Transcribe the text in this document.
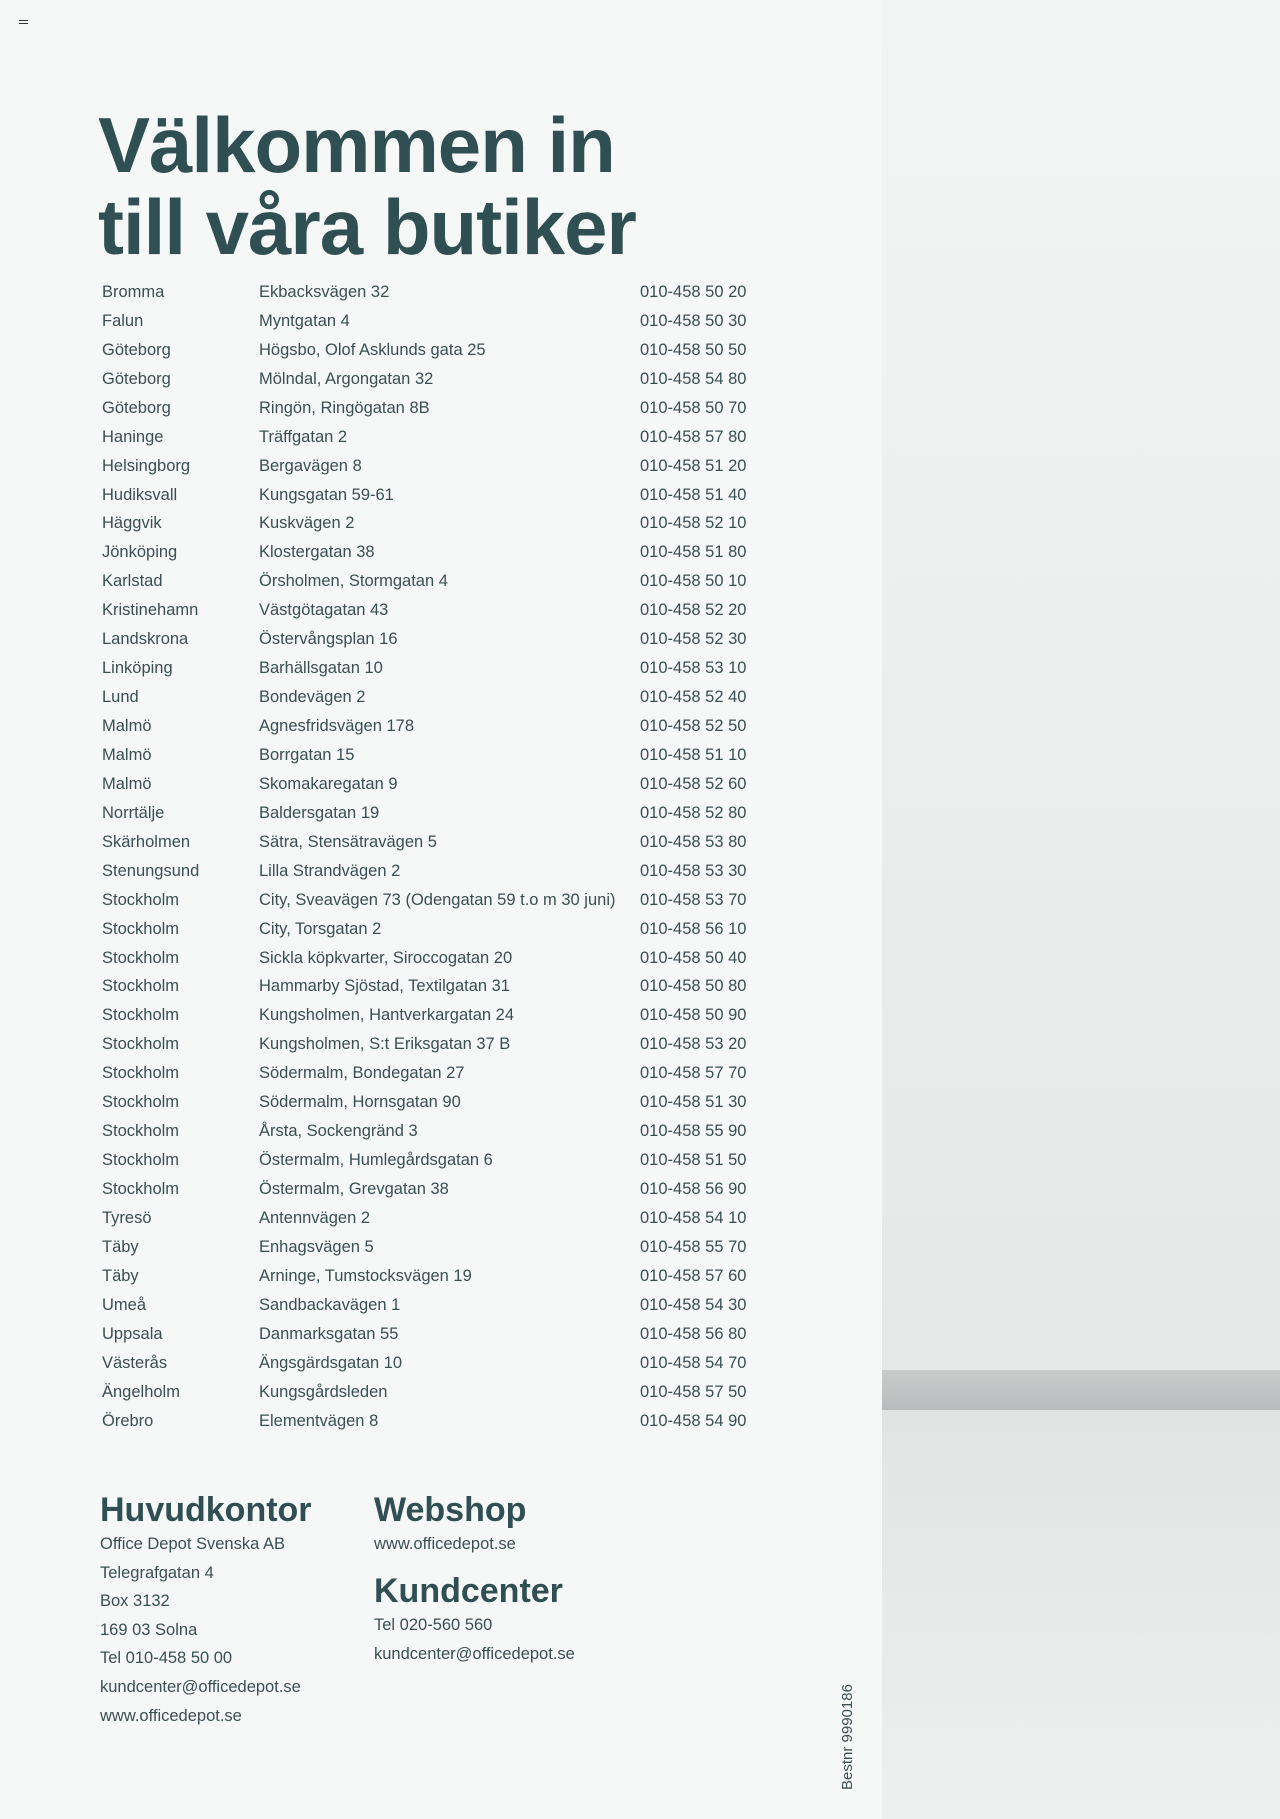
Välkommen in
till våra butiker
Bromma	Ekbacksvägen 32	010-458 50 20
Falun	Myntgatan 4	010-458 50 30
Göteborg	Högsbo, Olof Asklunds gata 25	010-458 50 50
Göteborg	Mölndal, Argongatan 32	010-458 54 80
Göteborg	Ringön, Ringögatan 8B	010-458 50 70
Haninge	Träffgatan 2	010-458 57 80
Helsingborg	Bergavägen 8	010-458 51 20
Hudiksvall	Kungsgatan 59-61	010-458 51 40
Häggvik	Kuskvägen 2	010-458 52 10
Jönköping	Klostergatan 38	010-458 51 80
Karlstad	Örsholmen, Stormgatan 4	010-458 50 10
Kristinehamn	Västgötagatan 43	010-458 52 20
Landskrona	Östervångsplan 16	010-458 52 30
Linköping	Barhällsgatan 10	010-458 53 10
Lund	Bondevägen 2	010-458 52 40
Malmö	Agnesfridsvägen 178	010-458 52 50
Malmö	Borrgatan 15	010-458 51 10
Malmö	Skomakaregatan 9	010-458 52 60
Norrtälje	Baldersgatan 19	010-458 52 80
Skärholmen	Sätra, Stensätravägen 5	010-458 53 80
Stenungsund	Lilla Strandvägen 2	010-458 53 30
Stockholm	City, Sveavägen 73 (Odengatan 59 t.o m 30 juni)	010-458 53 70
Stockholm	City, Torsgatan 2	010-458 56 10
Stockholm	Sickla köpkvarter, Siroccogatan 20	010-458 50 40
Stockholm	Hammarby Sjöstad, Textilgatan 31	010-458 50 80
Stockholm	Kungsholmen, Hantverkargatan 24	010-458 50 90
Stockholm	Kungsholmen, S:t Eriksgatan 37 B	010-458 53 20
Stockholm	Södermalm, Bondegatan 27	010-458 57 70
Stockholm	Södermalm, Hornsgatan 90	010-458 51 30
Stockholm	Årsta, Sockengränd 3	010-458 55 90
Stockholm	Östermalm, Humlegårdsgatan 6	010-458 51 50
Stockholm	Östermalm, Grevgatan 38	010-458 56 90
Tyresö	Antennvägen 2	010-458 54 10
Täby	Enhagsvägen 5	010-458 55 70
Täby	Arninge, Tumstocksvägen 19	010-458 57 60
Umeå	Sandbackavägen 1	010-458 54 30
Uppsala	Danmarksgatan 55	010-458 56 80
Västerås	Ängsgärdsgatan 10	010-458 54 70
Ängelholm	Kungsgårdsleden	010-458 57 50
Örebro	Elementvägen 8	010-458 54 90
Huvudkontor
Office Depot Svenska AB
Telegrafgatan 4
Box 3132
169 03 Solna
Tel 010-458 50 00
kundcenter@officedepot.se
www.officedepot.se
Webshop
www.officedepot.se
Kundcenter
Tel 020-560 560
kundcenter@officedepot.se
Bestnr 9990186
